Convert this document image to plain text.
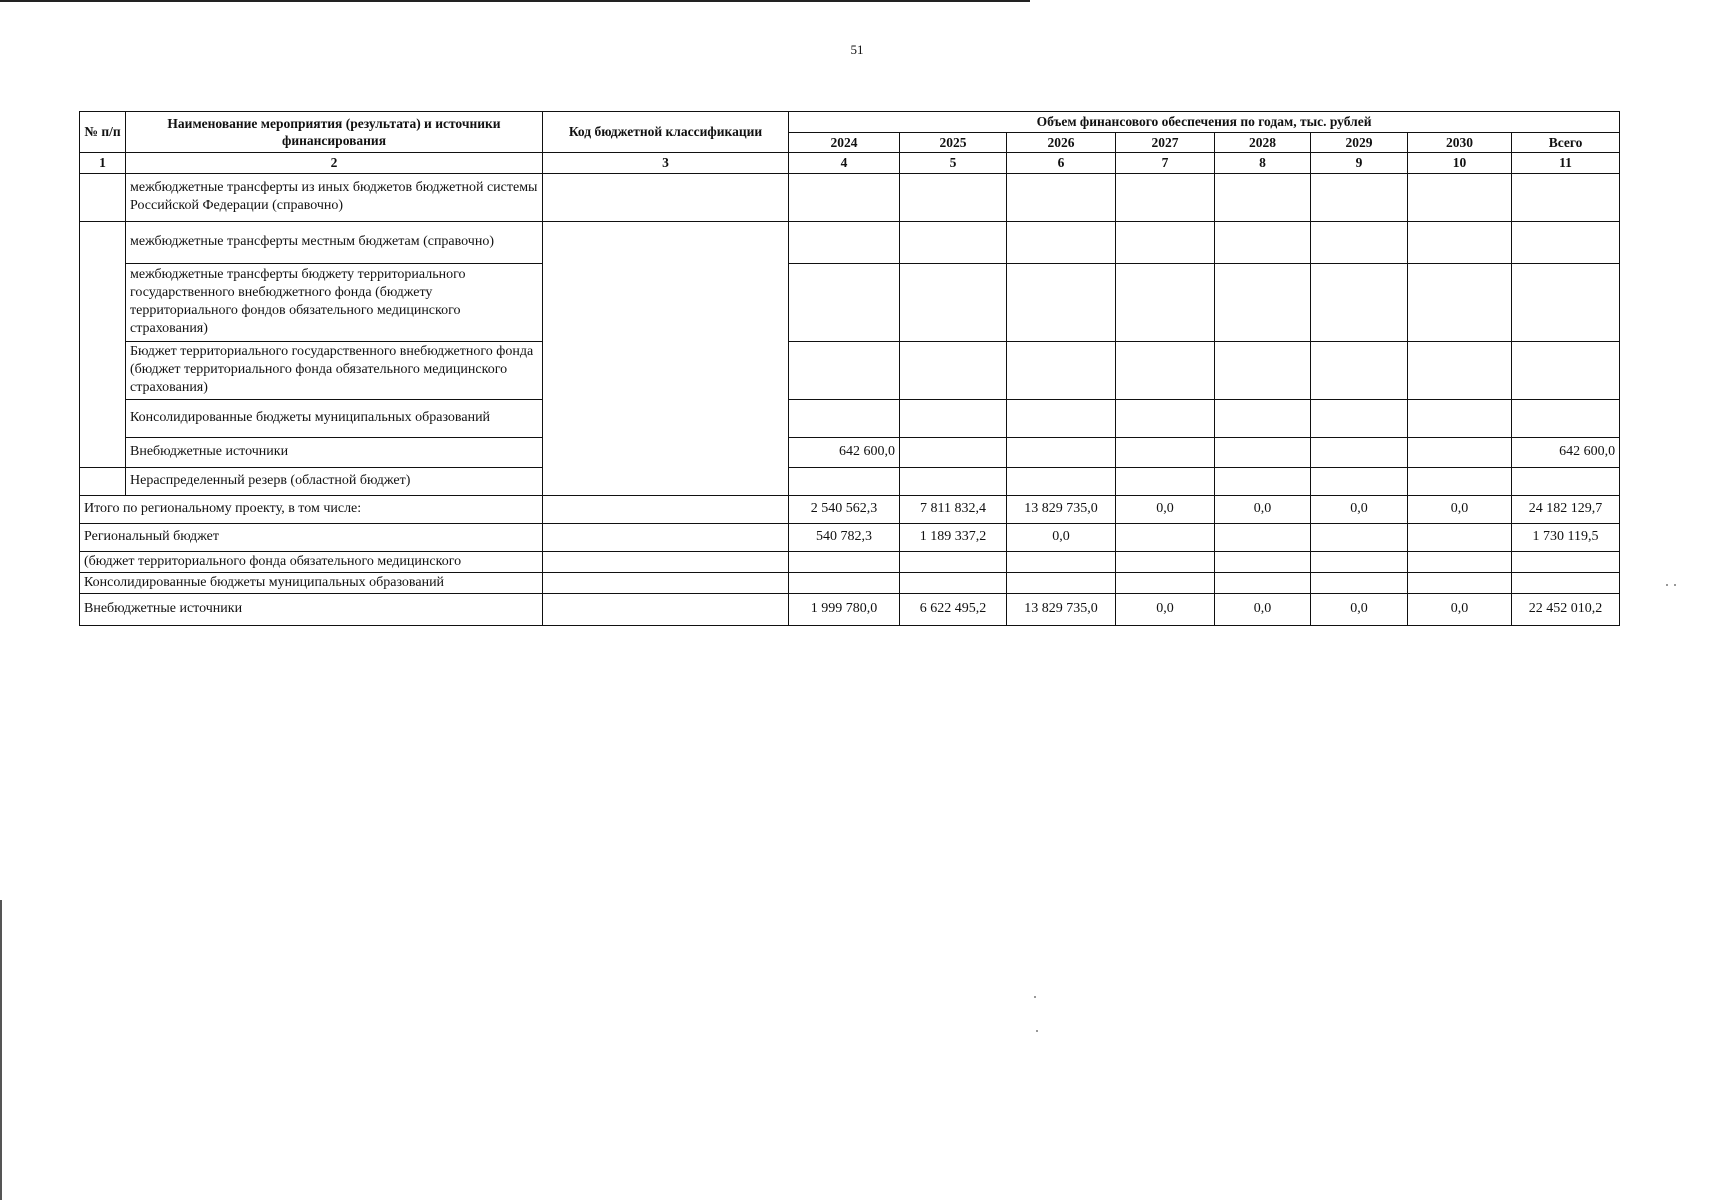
51
№ п/п	Наименование мероприятия (результата) и источники финансирования	Код бюджетной классификации	Объем финансового обеспечения по годам, тыс. рублей								
			2024	2025	2026	2027	2028	2029	2030	Всего	
1	2	3	4	5	6	7	8	9	10	11	
	межбюджетные трансферты из иных бюджетов бюджетной системы Российской Федерации (справочно)										
	межбюджетные трансферты местным бюджетам (справочно)										
	межбюджетные трансферты бюджету территориального государственного внебюджетного фонда (бюджету территориального фондов обязательного медицинского страхования)										
	Бюджет территориального государственного внебюджетного фонда (бюджет территориального фонда обязательного медицинского страхования)										
	Консолидированные бюджеты муниципальных образований										
	Внебюджетные источники		642 600,0							642 600,0	
	Нераспределенный резерв (областной бюджет)										
Итого по региональному проекту, в том числе:			2 540 562,3	7 811 832,4	13 829 735,0	0,0	0,0	0,0	0,0	24 182 129,7	
Региональный бюджет			540 782,3	1 189 337,2	0,0					1 730 119,5	
(бюджет территориального фонда обязательного медицинского											
Консолидированные бюджеты муниципальных образований											
Внебюджетные источники			1 999 780,0	6 622 495,2	13 829 735,0	0,0	0,0	0,0	0,0	22 452 010,2	
